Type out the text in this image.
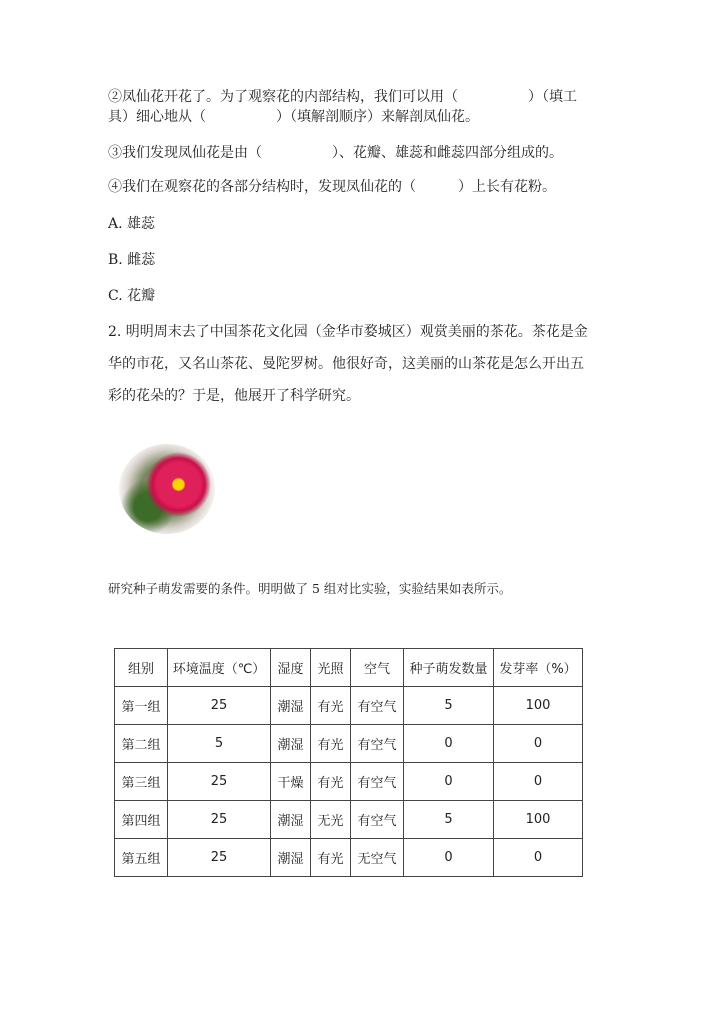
②凤仙花开花了。为了观察花的内部结构，我们可以用（　　　　　）（填工
具）细心地从（　　　　　）（填解剖顺序）来解剖凤仙花。
③我们发现凤仙花是由（　　　　　）、花瓣、雄蕊和雌蕊四部分组成的。
④我们在观察花的各部分结构时，发现凤仙花的（　　　）上长有花粉。
A. 雄蕊
B. 雌蕊
C. 花瓣
2. 明明周末去了中国茶花文化园（金华市婺城区）观赏美丽的茶花。茶花是金
华的市花，又名山茶花、曼陀罗树。他很好奇，这美丽的山茶花是怎么开出五
彩的花朵的？于是，他展开了科学研究。
研究种子萌发需要的条件。明明做了 5 组对比实验，实验结果如表所示。
组别	环境温度（℃）	湿度	光照	空气	种子萌发数量	发芽率（%）
第一组	25	潮湿	有光	有空气	5	100
第二组	5	潮湿	有光	有空气	0	0
第三组	25	干燥	有光	有空气	0	0
第四组	25	潮湿	无光	有空气	5	100
第五组	25	潮湿	有光	无空气	0	0
